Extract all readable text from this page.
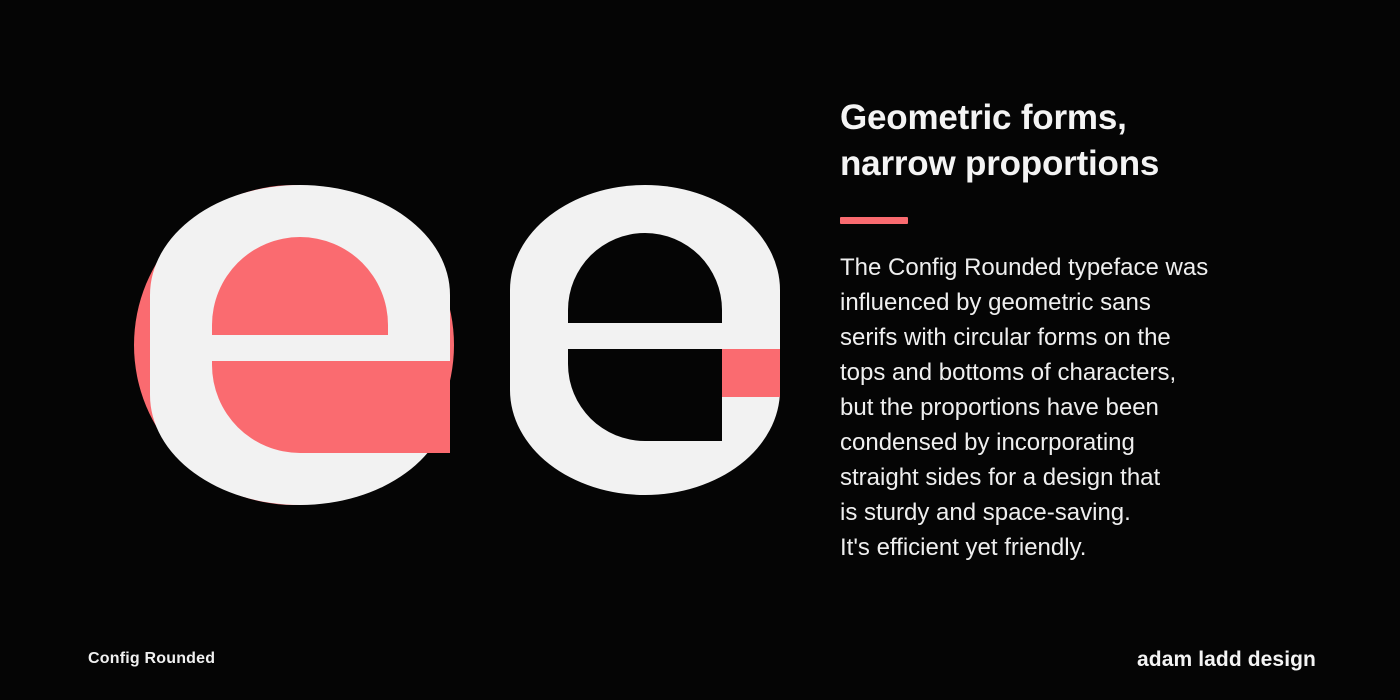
Geometric forms,
narrow proportions

The Config Rounded typeface was
influenced by geometric sans
serifs with circular forms on the
tops and bottoms of characters,
but the proportions have been
condensed by incorporating
straight sides for a design that
is sturdy and space-saving.
It's efficient yet friendly.

Config Rounded	adam ladd design
